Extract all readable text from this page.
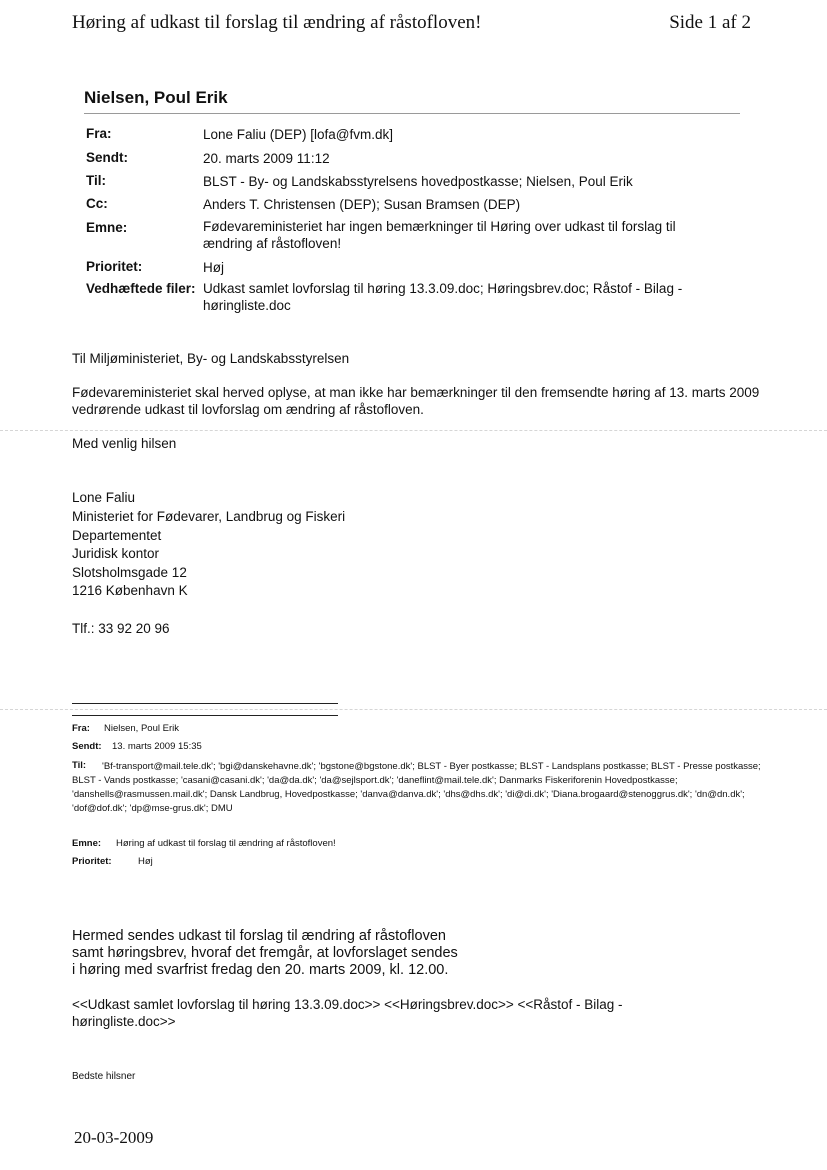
Høring af udkast til forslag til ændring af råstofloven!	Side 1 af 2
Nielsen, Poul Erik
Fra:	Lone Faliu (DEP) [lofa@fvm.dk]
Sendt:	20. marts 2009 11:12
Til:	BLST - By- og Landskabsstyrelsens hovedpostkasse; Nielsen, Poul Erik
Cc:	Anders T. Christensen (DEP); Susan Bramsen (DEP)
Emne:	Fødevareministeriet har ingen bemærkninger til Høring over udkast til forslag til ændring af råstofloven!
Prioritet:	Høj
Vedhæftede filer: Udkast samlet lovforslag til høring 13.3.09.doc; Høringsbrev.doc; Råstof - Bilag - høringliste.doc
Til Miljøministeriet, By- og Landskabsstyrelsen
Fødevareministeriet skal herved oplyse, at man ikke har bemærkninger til den fremsendte høring af 13. marts 2009 vedrørende udkast til lovforslag om ændring af råstofloven.
Med venlig hilsen
Lone Faliu
Ministeriet for Fødevarer, Landbrug og Fiskeri
Departementet
Juridisk kontor
Slotsholmsgade 12
1216 København K
Tlf.: 33 92 20 96
Fra: Nielsen, Poul Erik
Sendt: 13. marts 2009 15:35
Til:	'Bf-transport@mail.tele.dk'; 'bgi@danskehavne.dk'; 'bgstone@bgstone.dk'; BLST - Byer postkasse; BLST - Landsplans postkasse; BLST - Presse postkasse; BLST - Vands postkasse; 'casani@casani.dk'; 'da@da.dk'; 'da@sejlsport.dk'; 'daneflint@mail.tele.dk'; Danmarks Fiskeriforenin Hovedpostkasse; 'danshells@rasmussen.mail.dk'; Dansk Landbrug, Hovedpostkasse; 'danva@danva.dk'; 'dhs@dhs.dk'; 'di@di.dk'; 'Diana.brogaard@stenoggrus.dk'; 'dn@dn.dk'; 'dof@dof.dk'; 'dp@mse-grus.dk'; DMU
Emne: Høring af udkast til forslag til ændring af råstofloven!
Prioritet:	Høj
Hermed sendes udkast til forslag til ændring af råstofloven
samt høringsbrev, hvoraf det fremgår, at lovforslaget sendes
i høring med svarfrist fredag den 20. marts 2009, kl. 12.00.
<<Udkast samlet lovforslag til høring 13.3.09.doc>> <<Høringsbrev.doc>> <<Råstof - Bilag - høringliste.doc>>
Bedste hilsner
20-03-2009
